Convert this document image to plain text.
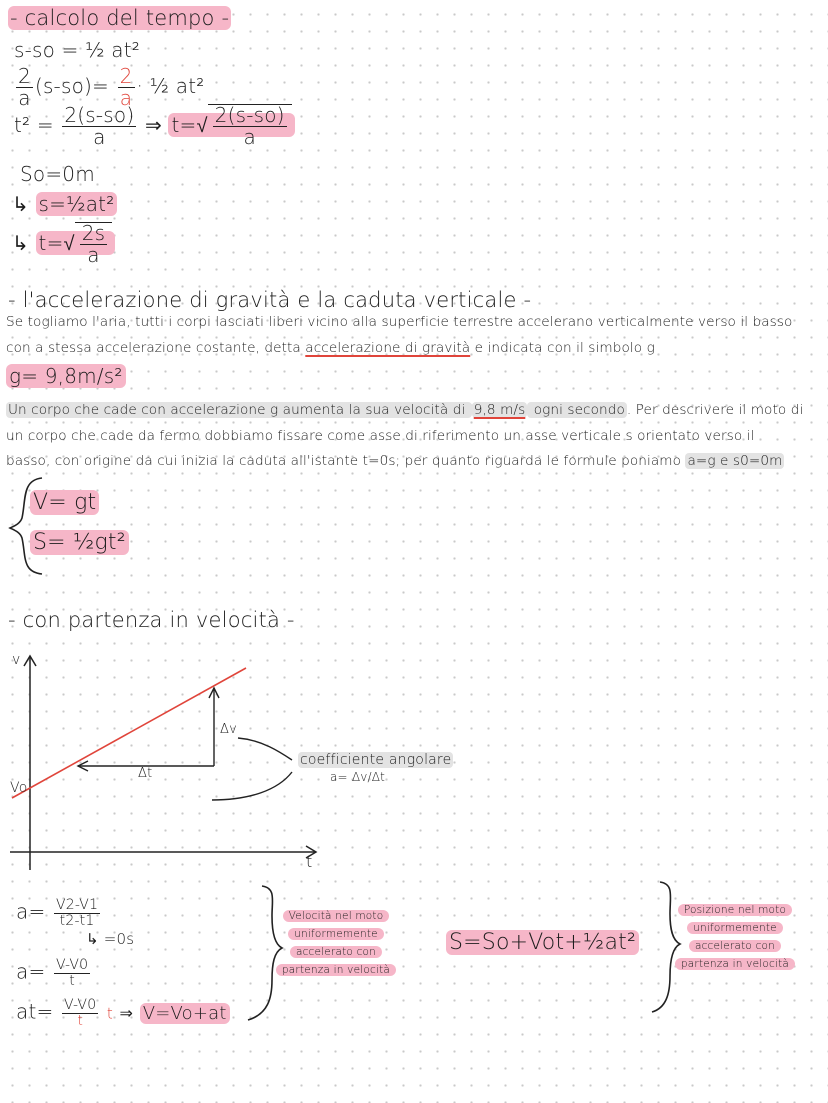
- calcolo del tempo -
s-so = ½ at²
$\frac{2}{a} (s-so)= \frac{2}{a}$ · ½ at²
$t^2 = \frac{2(s-so)}{a}$ ⇒ $t=√ \frac{2(s-so)}{a}$
So=0m
↳ s=½at²
↳ $t=√ \frac{2s}{a}$
- l'accelerazione di gravità e la caduta verticale -
Se togliamo l'aria, tutti i corpi lasciati liberi vicino alla superficie terrestre accelerano verticalmente verso il basso
con a stessa accelerazione costante, detta accelerazione di gravità e indicata con il simbolo g
g= 9,8m/s²
Un corpo che cade con accelerazione g aumenta la sua velocità di 9,8 m/s ogni secondo . Per descrivere il moto di
un corpo che cade da fermo dobbiamo fissare come asse di riferimento un asse verticale s orientato verso il
basso, con origine da cui inizia la caduta all'istante t=0s; per quanto riguarda le formule poniamo a=g e s0=0m
V= gt
S= ½gt²
- con partenza in velocità -
v
t
Vo
Δv
Δt
coefficiente angolare
a= Δv/Δt
$a= \frac{V2-V1}{t2-t1}$
↳ =0s
$a= \frac{V-V0}{t}$
$at= \frac{V-V0}{t}$ t ⇒ V=Vo+at
Velocità nel moto
uniformemente
accelerato con
partenza in velocità
S=So+Vot+½at²
Posizione nel moto
uniformemente
accelerato con
partenza in velocità
